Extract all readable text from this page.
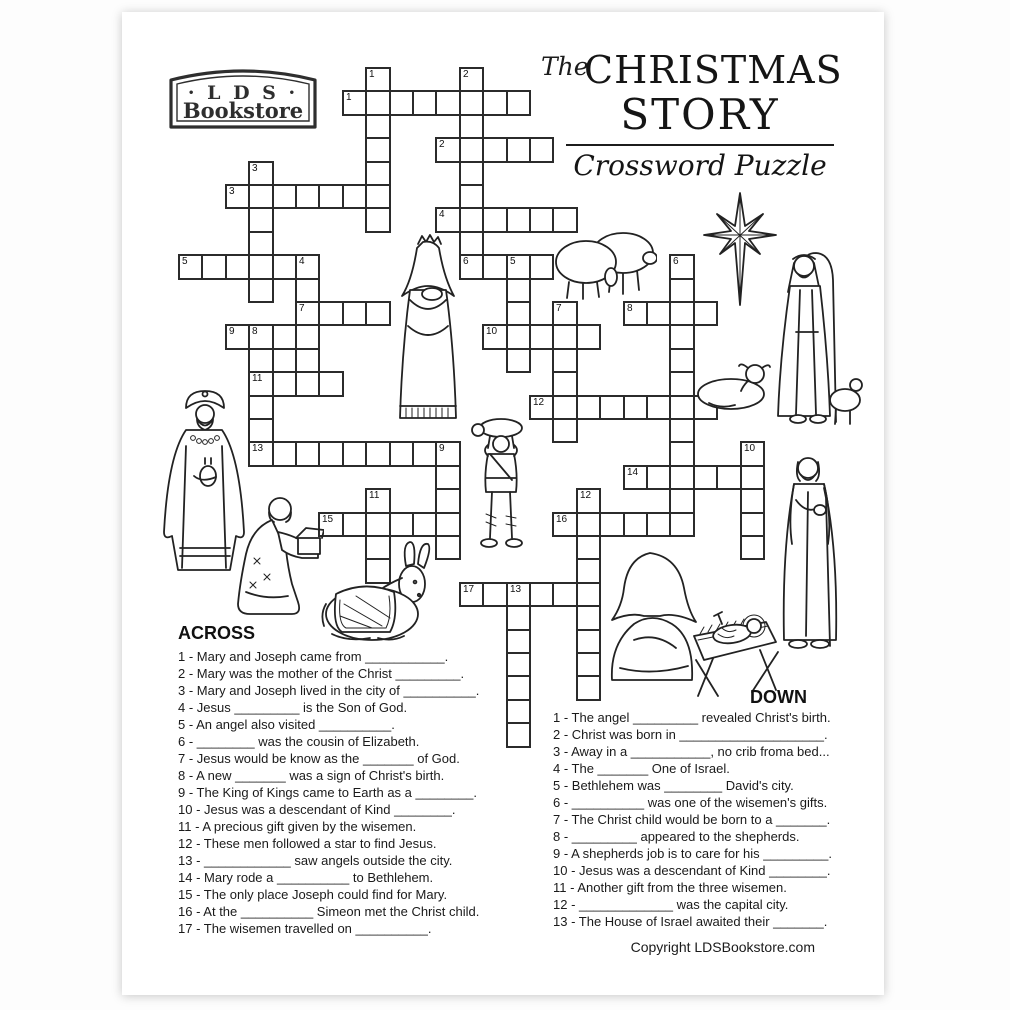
· L D S ·
Bookstore
The
CHRISTMAS
STORY
Crossword Puzzle
1
2
3
4
5	4	6	5
7	8
9 8	10
11
12
13	9
14
15	16
17	13
1	2
3
6
7
10
11	12
ACROSS
1 - Mary and Joseph came from ___________.
2 - Mary was the mother of the Christ _________.
3 - Mary and Joseph lived in the city of __________.
4 - Jesus _________ is the Son of God.
5 - An angel also visited __________.
6 - ________ was the cousin of Elizabeth.
7 - Jesus would be know as the _______ of God.
8 - A new _______ was a sign of Christ's birth.
9 - The King of Kings came to Earth as a ________.
10 - Jesus was a descendant of Kind ________.
11 - A precious gift given by the wisemen.
12 - These men followed a star to find Jesus.
13 - ____________ saw angels outside the city.
14 - Mary rode a __________ to Bethlehem.
15 - The only place Joseph could find for Mary.
16 - At the __________ Simeon met the Christ child.
17 - The wisemen travelled on __________.
DOWN
1 - The angel _________ revealed Christ's birth.
2 - Christ was born in ____________________.
3 - Away in a ___________, no crib froma bed...
4 - The _______ One of Israel.
5 - Bethlehem was ________ David's city.
6 - __________ was one of the wisemen's gifts.
7 - The Christ child would be born to a _______.
8 - _________ appeared to the shepherds.
9 - A shepherds job is to care for his _________.
10 - Jesus was a descendant of Kind ________.
11 - Another gift from the three wisemen.
12 - _____________ was the capital city.
13 - The House of Israel awaited their _______.
Copyright LDSBookstore.com
